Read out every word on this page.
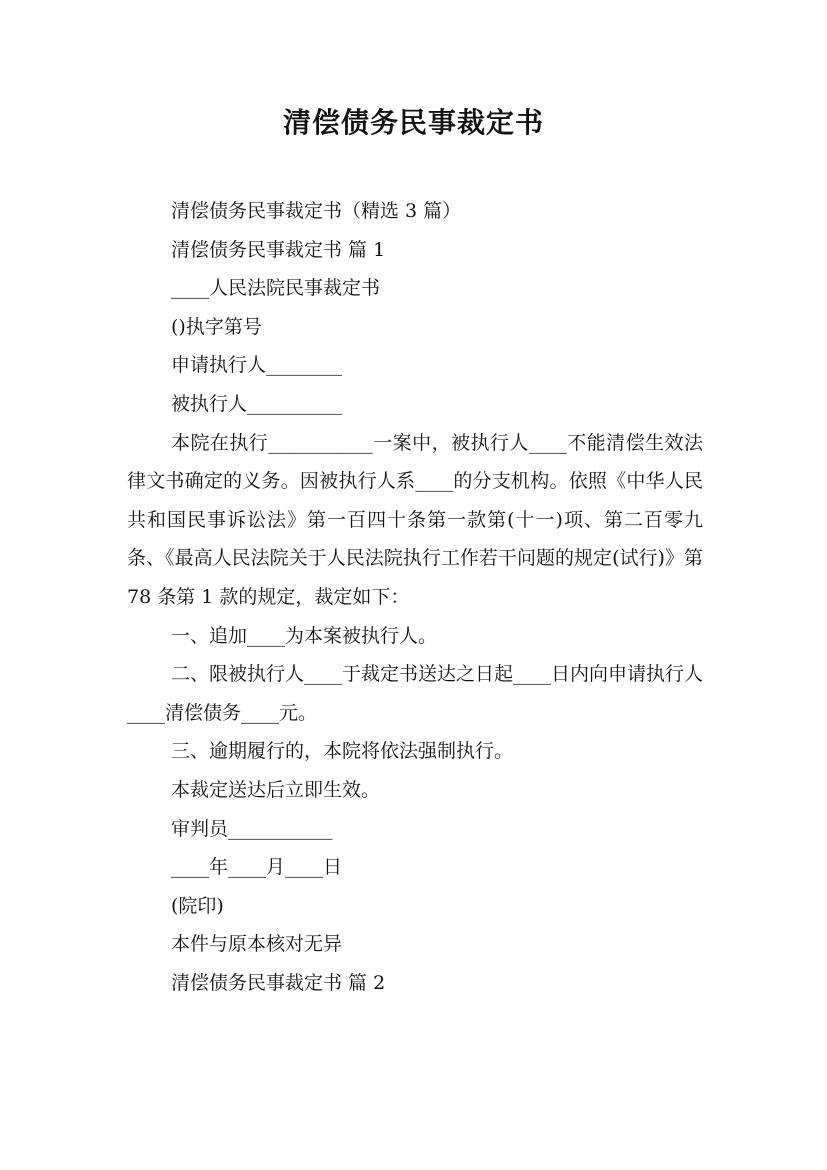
清偿债务民事裁定书
清偿债务民事裁定书（精选 3 篇）
清偿债务民事裁定书 篇 1
____人民法院民事裁定书
()执字第号
申请执行人________
被执行人__________
本院在执行___________一案中，被执行人____不能清偿生效法律文书确定的义务。因被执行人系____的分支机构。依照《中华人民共和国民事诉讼法》第一百四十条第一款第(十一)项、第二百零九条、《最高人民法院关于人民法院执行工作若干问题的规定(试行)》第 78 条第 1 款的规定，裁定如下：
一、追加____为本案被执行人。
二、限被执行人____于裁定书送达之日起____日内向申请执行人____清偿债务____元。
三、逾期履行的，本院将依法强制执行。
本裁定送达后立即生效。
审判员___________
____年____月____日
(院印)
本件与原本核对无异
清偿债务民事裁定书 篇 2
